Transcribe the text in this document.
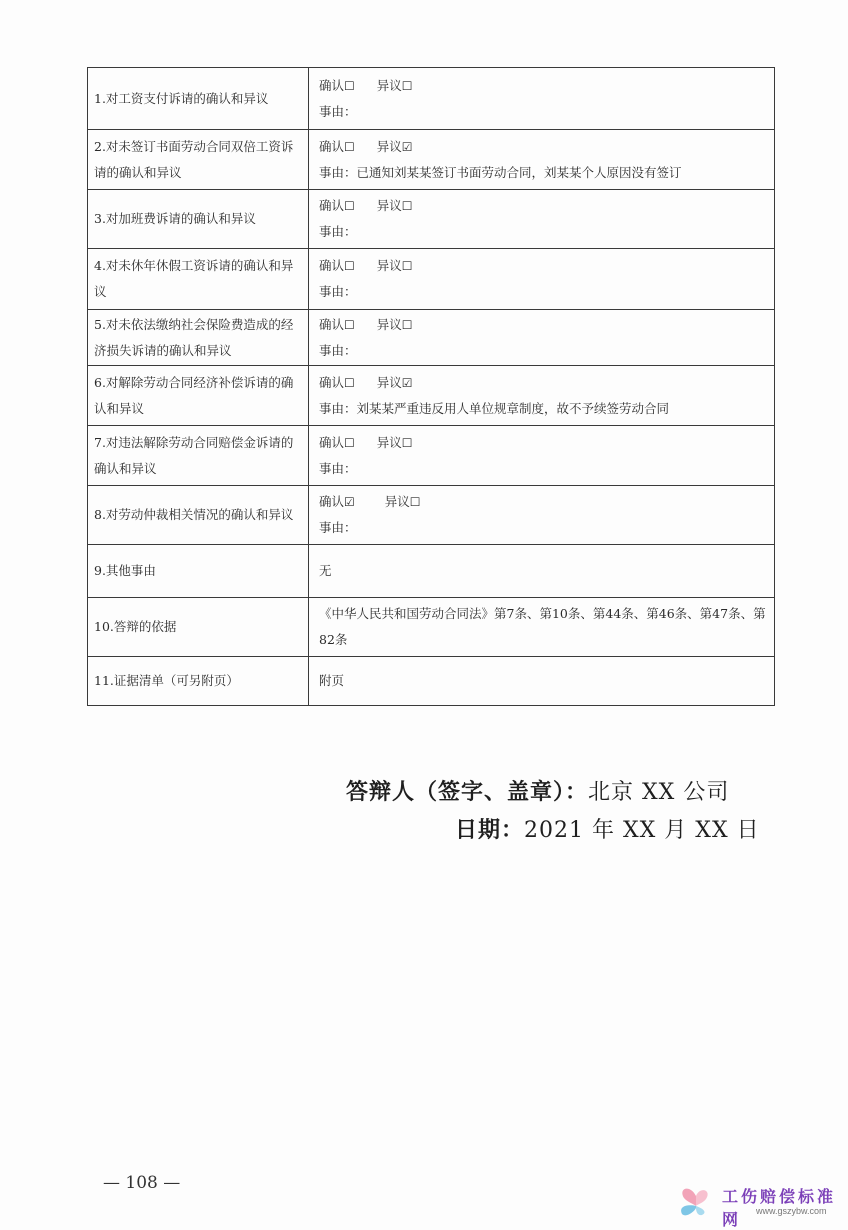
1.对工资支付诉请的确认和异议	确认☐ 异议☐
事由：

2.对未签订书面劳动合同双倍工资诉请的确认和异议	确认☐ 异议☑
事由：已通知刘某某签订书面劳动合同，刘某某个人原因没有签订

3.对加班费诉请的确认和异议	确认☐ 异议☐
事由：

4.对未休年休假工资诉请的确认和异议	确认☐ 异议☐
事由：

5.对未依法缴纳社会保险费造成的经济损失诉请的确认和异议	确认☐ 异议☐
事由：

6.对解除劳动合同经济补偿诉请的确认和异议	确认☐ 异议☑
事由：刘某某严重违反用人单位规章制度，故不予续签劳动合同

7.对违法解除劳动合同赔偿金诉请的确认和异议	确认☐ 异议☐
事由：

8.对劳动仲裁相关情况的确认和异议	确认☑ 异议☐
事由：

9.其他事由	无
10.答辩的依据	《中华人民共和国劳动合同法》第7条、第10条、第44条、第46条、第47条、第82条
11.证据清单（可另附页）	附页
答辩人（签字、盖章）：北京 XX 公司
日期：2021 年 XX 月 XX 日
— 108 —
工伤赔偿标准网	www.gszybw.com
